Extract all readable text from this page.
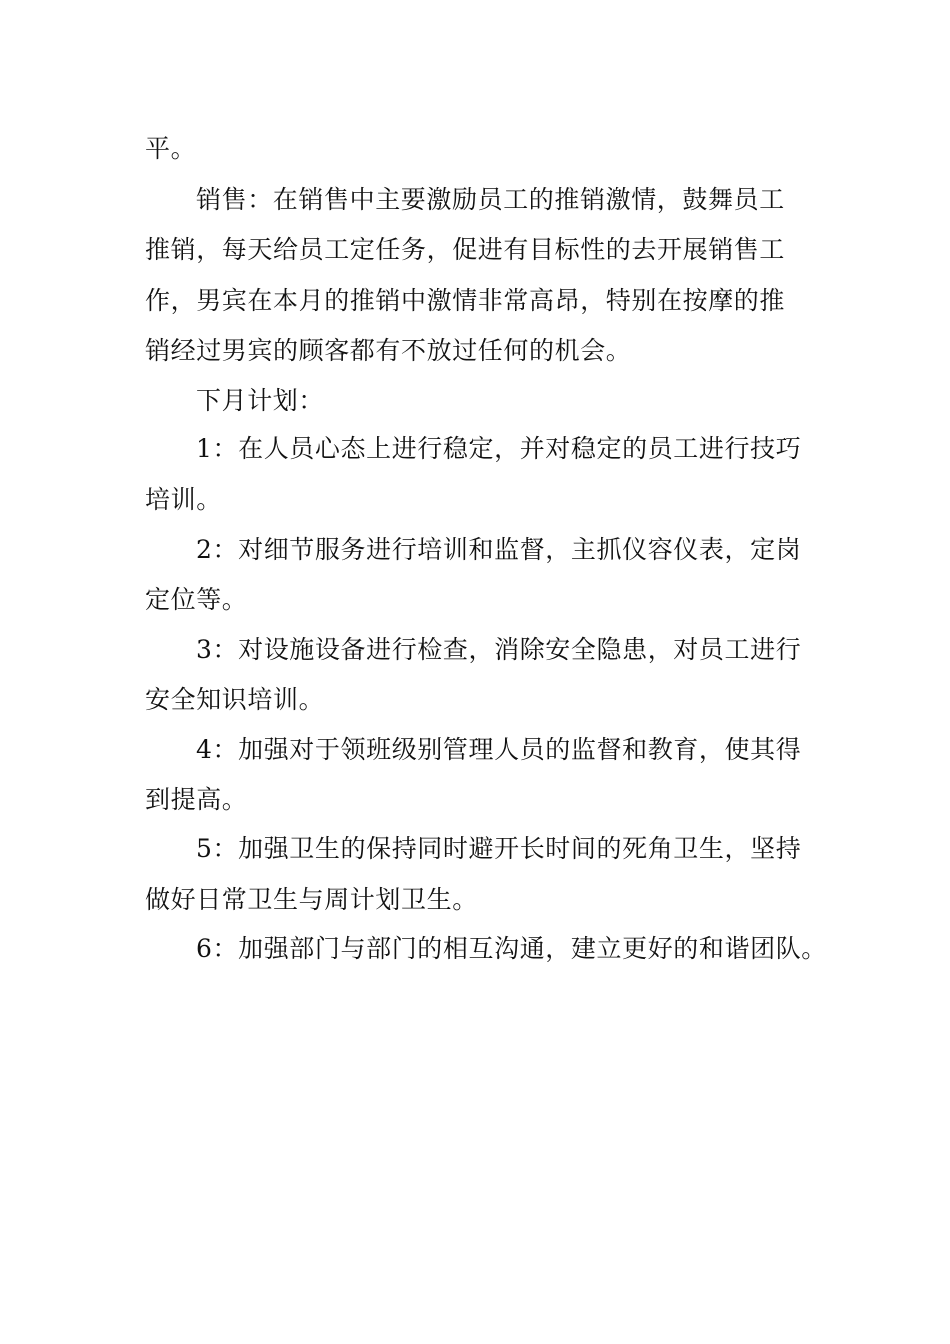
平。

销售：在销售中主要激励员工的推销激情，鼓舞员工

推销，每天给员工定任务，促进有目标性的去开展销售工

作，男宾在本月的推销中激情非常高昂，特别在按摩的推

销经过男宾的顾客都有不放过任何的机会。

下月计划：

1：在人员心态上进行稳定，并对稳定的员工进行技巧

培训。

2：对细节服务进行培训和监督，主抓仪容仪表，定岗

定位等。

3：对设施设备进行检查，消除安全隐患，对员工进行

安全知识培训。

4：加强对于领班级别管理人员的监督和教育，使其得

到提高。

5：加强卫生的保持同时避开长时间的死角卫生，坚持

做好日常卫生与周计划卫生。

6：加强部门与部门的相互沟通，建立更好的和谐团队。
